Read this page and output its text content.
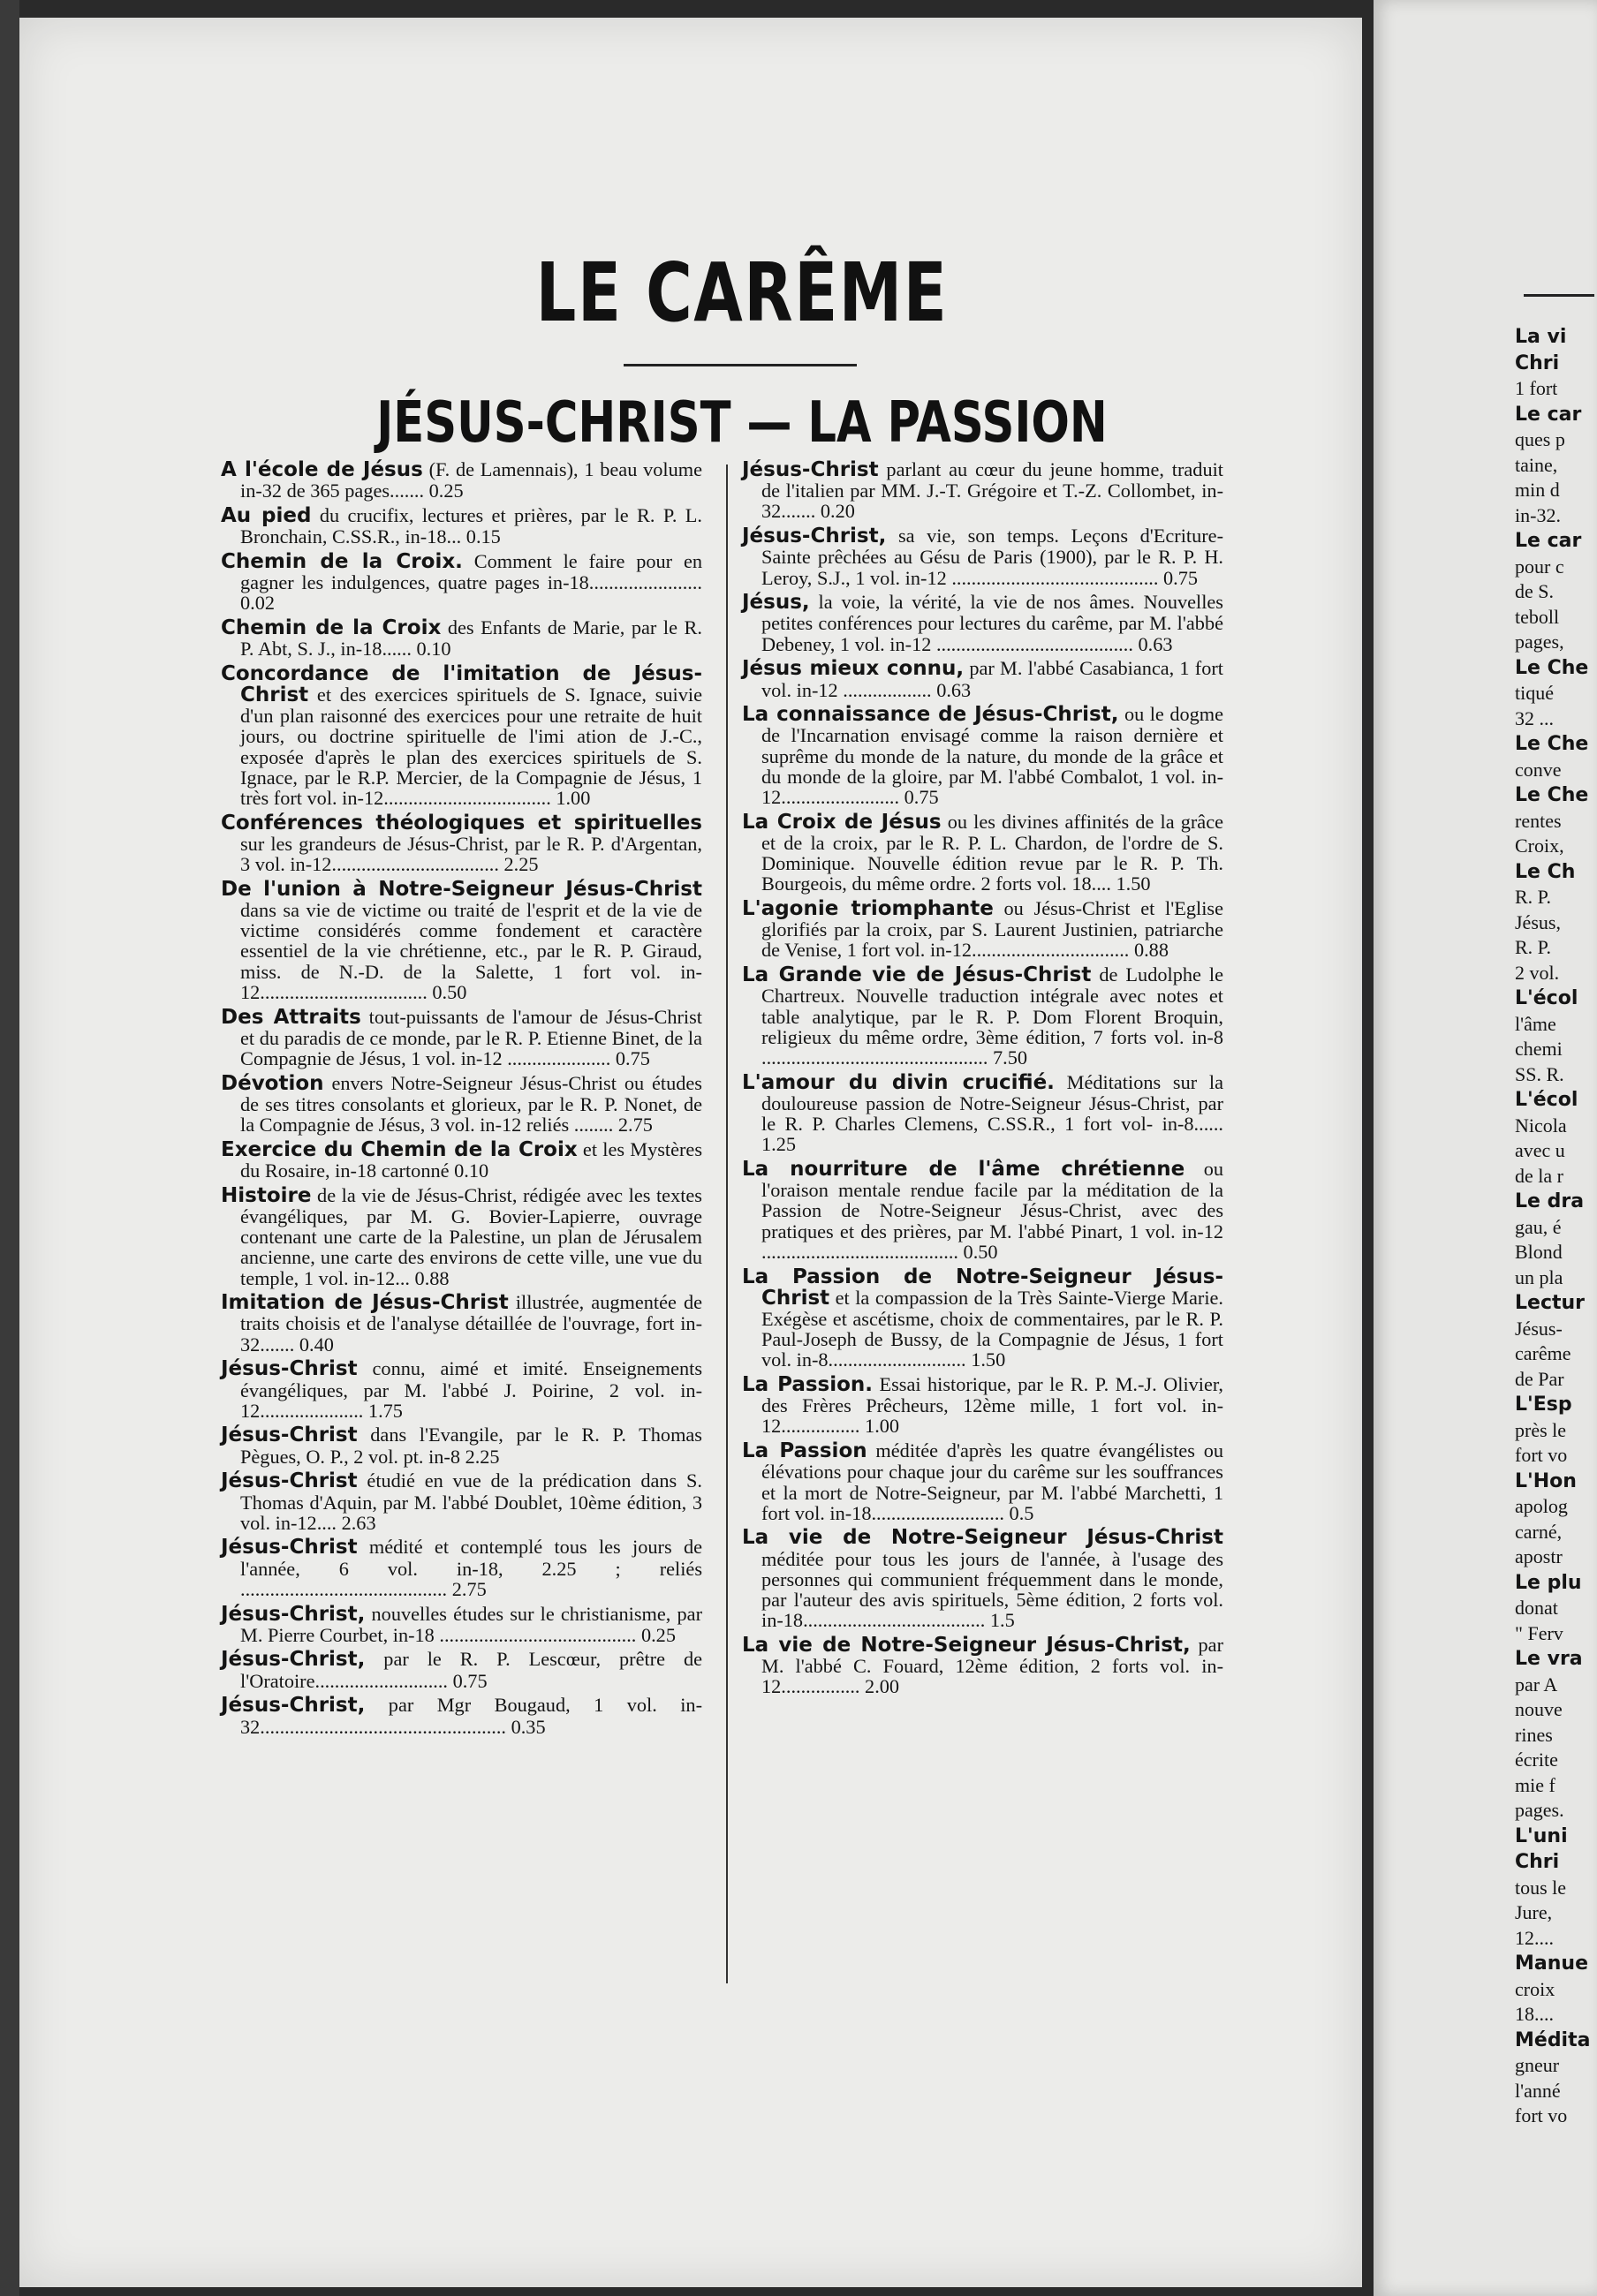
LE CARÊME
JÉSUS-CHRIST — LA PASSION

A l'école de Jésus (F. de Lamennais), 1 beau volume in-32 de 365 pages....... 0.25

Au pied du crucifix, lectures et prières, par le R. P. L. Bronchain, C.SS.R., in-18... 0.15

Chemin de la Croix. Comment le faire pour en gagner les indulgences, quatre pages in-18....................... 0.02

Chemin de la Croix des Enfants de Marie, par le R. P. Abt, S. J., in-18...... 0.10

Concordance de l'imitation de Jésus-Christ et des exercices spirituels de S. Ignace, suivie d'un plan raisonné des exercices pour une retraite de huit jours, ou doctrine spirituelle de l'imi ation de J.-C., exposée d'après le plan des exercices spirituels de S. Ignace, par le R.P. Mercier, de la Compagnie de Jésus, 1 très fort vol. in-12.................................. 1.00

Conférences théologiques et spirituelles sur les grandeurs de Jésus-Christ, par le R. P. d'Argentan, 3 vol. in-12.................................. 2.25

De l'union à Notre-Seigneur Jésus-Christ dans sa vie de victime ou traité de l'esprit et de la vie de victime considérés comme fondement et caractère essentiel de la vie chrétienne, etc., par le R. P. Giraud, miss. de N.-D. de la Salette, 1 fort vol. in-12.................................. 0.50

Des Attraits tout-puissants de l'amour de Jésus-Christ et du paradis de ce monde, par le R. P. Etienne Binet, de la Compagnie de Jésus, 1 vol. in-12 ..................... 0.75

Dévotion envers Notre-Seigneur Jésus-Christ ou études de ses titres consolants et glorieux, par le R. P. Nonet, de la Compagnie de Jésus, 3 vol. in-12 reliés ........ 2.75

Exercice du Chemin de la Croix et les Mystères du Rosaire, in-18 cartonné 0.10

Histoire de la vie de Jésus-Christ, rédigée avec les textes évangéliques, par M. G. Bovier-Lapierre, ouvrage contenant une carte de la Palestine, un plan de Jérusalem ancienne, une carte des environs de cette ville, une vue du temple, 1 vol. in-12... 0.88

Imitation de Jésus-Christ illustrée, augmentée de traits choisis et de l'analyse détaillée de l'ouvrage, fort in-32....... 0.40

Jésus-Christ connu, aimé et imité. Enseignements évangéliques, par M. l'abbé J. Poirine, 2 vol. in-12..................... 1.75

Jésus-Christ dans l'Evangile, par le R. P. Thomas Pègues, O. P., 2 vol. pt. in-8 2.25

Jésus-Christ étudié en vue de la prédication dans S. Thomas d'Aquin, par M. l'abbé Doublet, 10ème édition, 3 vol. in-12.... 2.63

Jésus-Christ médité et contemplé tous les jours de l'année, 6 vol. in-18, 2.25 ; reliés .......................................... 2.75

Jésus-Christ, nouvelles études sur le christianisme, par M. Pierre Courbet, in-18 ........................................ 0.25

Jésus-Christ, par le R. P. Lescœur, prêtre de l'Oratoire........................... 0.75

Jésus-Christ, par Mgr Bougaud, 1 vol. in-32.................................................. 0.35

Jésus-Christ parlant au cœur du jeune homme, traduit de l'italien par MM. J.-T. Grégoire et T.-Z. Collombet, in-32....... 0.20

Jésus-Christ, sa vie, son temps. Leçons d'Ecriture-Sainte prêchées au Gésu de Paris (1900), par le R. P. H. Leroy, S.J., 1 vol. in-12 .......................................... 0.75

Jésus, la voie, la vérité, la vie de nos âmes. Nouvelles petites conférences pour lectures du carême, par M. l'abbé Debeney, 1 vol. in-12 ........................................ 0.63

Jésus mieux connu, par M. l'abbé Casabianca, 1 fort vol. in-12 .................. 0.63

La connaissance de Jésus-Christ, ou le dogme de l'Incarnation envisagé comme la raison dernière et suprême du monde de la nature, du monde de la grâce et du monde de la gloire, par M. l'abbé Combalot, 1 vol. in-12........................ 0.75

La Croix de Jésus ou les divines affinités de la grâce et de la croix, par le R. P. L. Chardon, de l'ordre de S. Dominique. Nouvelle édition revue par le R. P. Th. Bourgeois, du même ordre. 2 forts vol. 18.... 1.50

L'agonie triomphante ou Jésus-Christ et l'Eglise glorifiés par la croix, par S. Laurent Justinien, patriarche de Venise, 1 fort vol. in-12................................ 0.88

La Grande vie de Jésus-Christ de Ludolphe le Chartreux. Nouvelle traduction intégrale avec notes et table analytique, par le R. P. Dom Florent Broquin, religieux du même ordre, 3ème édition, 7 forts vol. in-8 .............................................. 7.50

L'amour du divin crucifié. Méditations sur la douloureuse passion de Notre-Seigneur Jésus-Christ, par le R. P. Charles Clemens, C.SS.R., 1 fort vol- in-8...... 1.25

La nourriture de l'âme chrétienne ou l'oraison mentale rendue facile par la méditation de la Passion de Notre-Seigneur Jésus-Christ, avec des pratiques et des prières, par M. l'abbé Pinart, 1 vol. in-12 ........................................ 0.50

La Passion de Notre-Seigneur Jésus-Christ et la compassion de la Très Sainte-Vierge Marie. Exégèse et ascétisme, choix de commentaires, par le R. P. Paul-Joseph de Bussy, de la Compagnie de Jésus, 1 fort vol. in-8............................ 1.50

La Passion. Essai historique, par le R. P. M.-J. Olivier, des Frères Prêcheurs, 12ème mille, 1 fort vol. in-12................ 1.00

La Passion méditée d'après les quatre évangélistes ou élévations pour chaque jour du carême sur les souffrances et la mort de Notre-Seigneur, par M. l'abbé Marchetti, 1 fort vol. in-18........................... 0.5

La vie de Notre-Seigneur Jésus-Christ méditée pour tous les jours de l'année, à l'usage des personnes qui communient fréquemment dans le monde, par l'auteur des avis spirituels, 5ème édition, 2 forts vol. in-18..................................... 1.5

La vie de Notre-Seigneur Jésus-Christ, par M. l'abbé C. Fouard, 12ème édition, 2 forts vol. in-12................ 2.00

La vi

Chri

1 fort

Le car

ques p

taine,

min d

in-32.

Le car

pour c

de S.

teboll

pages,

Le Che

tiqué

32 ...

Le Che

conve

Le Che

rentes

Croix,

Le Ch

R. P.

Jésus,

R. P.

2 vol.

L'écol

l'âme

chemi

SS. R.

L'écol

Nicola

avec u

de la r

Le dra

gau, é

Blond

un pla

Lectur

Jésus-

carême

de Par

L'Esp

près le

fort vo

L'Hon

apolog

carné,

apostr

Le plu

donat

" Ferv

Le vra

par A

nouve

rines

écrite

mie f

pages.

L'uni

Chri

tous le

Jure,

12....

Manue

croix

18....

Médita

gneur

l'anné

fort vo
